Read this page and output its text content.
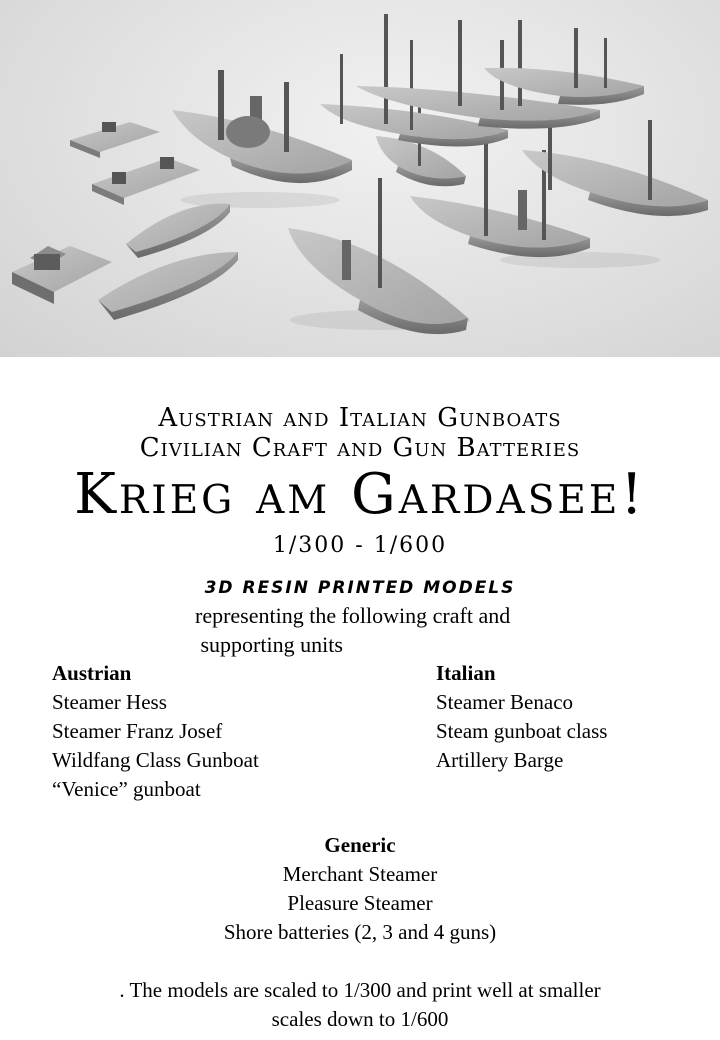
Austrian and Italian Gunboats
Civilian Craft and Gun Batteries
Krieg am Gardasee!
1/300 - 1/600
3D RESIN PRINTED MODELS
representing the following craft and
supporting units
Austrian
Steamer Hess
Steamer Franz Josef
Wildfang Class Gunboat
“Venice” gunboat
Italian
Steamer Benaco
Steam gunboat class
Artillery Barge
Generic
Merchant Steamer
Pleasure Steamer
Shore batteries (2, 3 and 4 guns)
. The models are scaled to 1/300 and print well at smaller
scales down to 1/600
